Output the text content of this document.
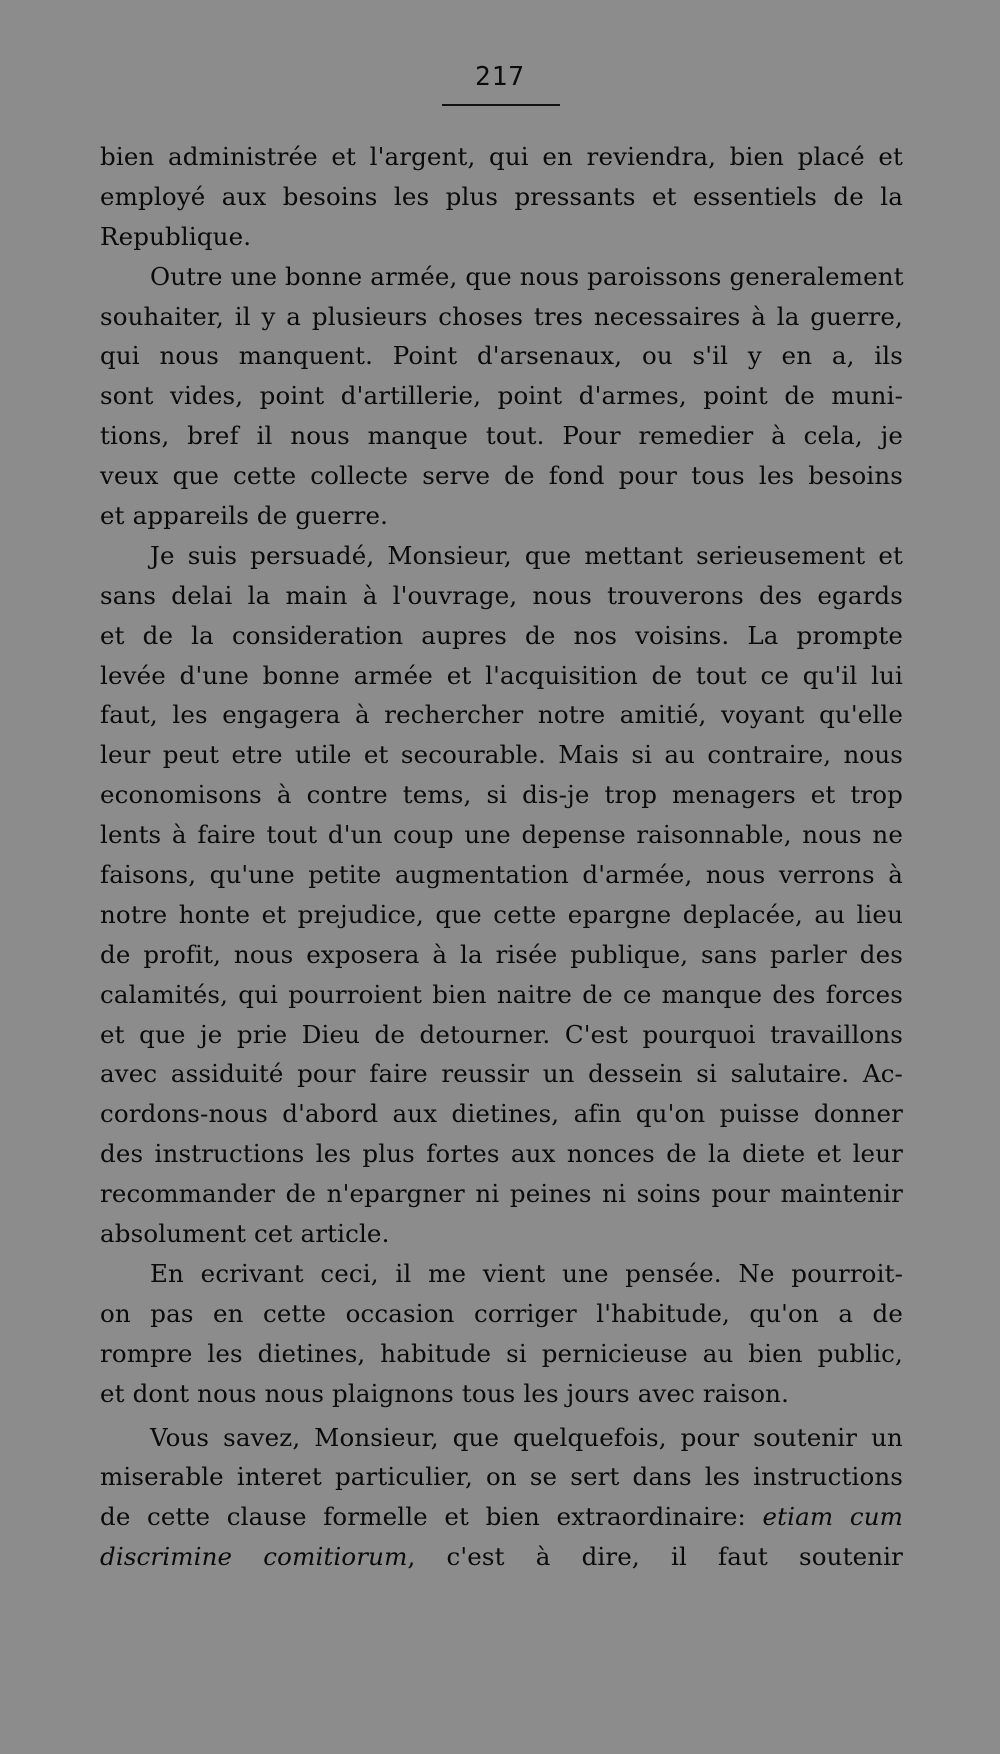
217
bien administrée et l'argent, qui en reviendra, bien placé et
employé aux besoins les plus pressants et essentiels de la
Republique.
Outre une bonne armée, que nous paroissons generalement
souhaiter, il y a plusieurs choses tres necessaires à la guerre,
qui nous manquent. Point d'arsenaux, ou s'il y en a, ils
sont vides, point d'artillerie, point d'armes, point de muni-
tions, bref il nous manque tout. Pour remedier à cela, je
veux que cette collecte serve de fond pour tous les besoins
et appareils de guerre.
Je suis persuadé, Monsieur, que mettant serieusement et
sans delai la main à l'ouvrage, nous trouverons des egards
et de la consideration aupres de nos voisins. La prompte
levée d'une bonne armée et l'acquisition de tout ce qu'il lui
faut, les engagera à rechercher notre amitié, voyant qu'elle
leur peut etre utile et secourable. Mais si au contraire, nous
economisons à contre tems, si dis-je trop menagers et trop
lents à faire tout d'un coup une depense raisonnable, nous ne
faisons, qu'une petite augmentation d'armée, nous verrons à
notre honte et prejudice, que cette epargne deplacée, au lieu
de profit, nous exposera à la risée publique, sans parler des
calamités, qui pourroient bien naitre de ce manque des forces
et que je prie Dieu de detourner. C'est pourquoi travaillons
avec assiduité pour faire reussir un dessein si salutaire. Ac-
cordons-nous d'abord aux dietines, afin qu'on puisse donner
des instructions les plus fortes aux nonces de la diete et leur
recommander de n'epargner ni peines ni soins pour maintenir
absolument cet article.
En ecrivant ceci, il me vient une pensée. Ne pourroit-
on pas en cette occasion corriger l'habitude, qu'on a de
rompre les dietines, habitude si pernicieuse au bien public,
et dont nous nous plaignons tous les jours avec raison.
Vous savez, Monsieur, que quelquefois, pour soutenir un
miserable interet particulier, on se sert dans les instructions
de cette clause formelle et bien extraordinaire: etiam cum
discrimine comitiorum, c'est à dire, il faut soutenir
